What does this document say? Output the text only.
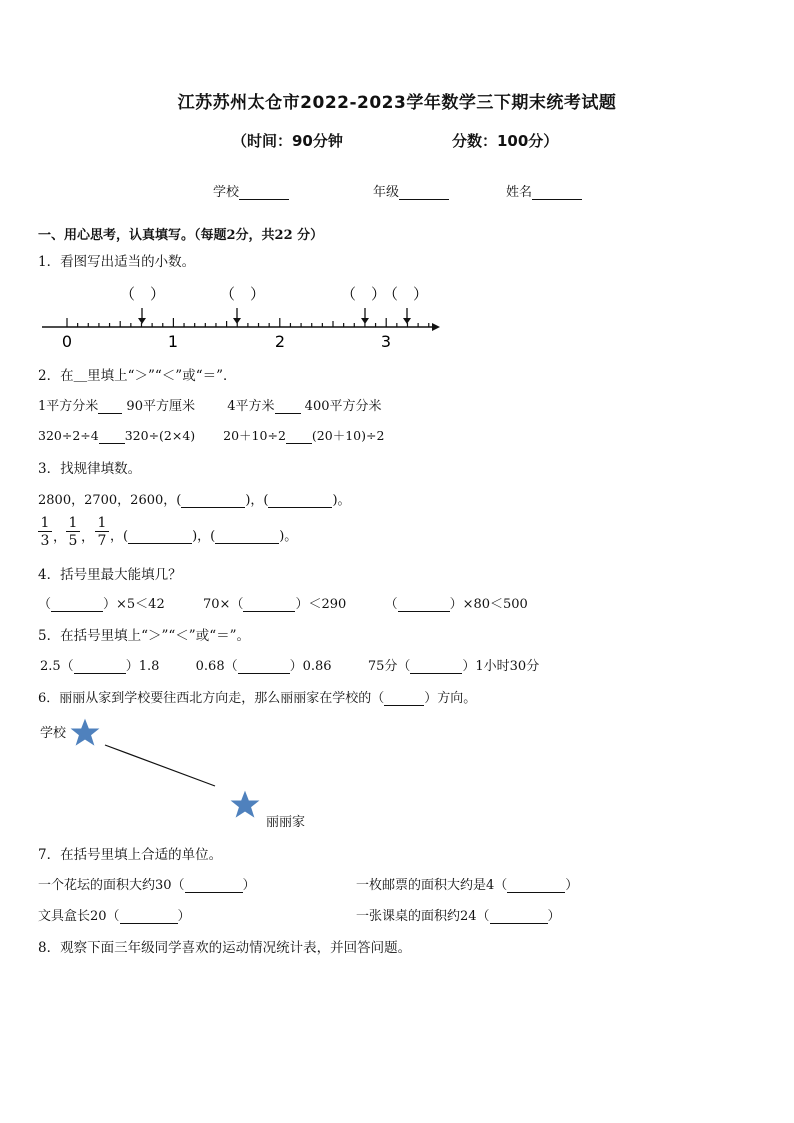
江苏苏州太仓市2022-2023学年数学三下期末统考试题
（时间：90分钟	分数：100分）
学校	年级	姓名
一、用心思考，认真填写。（每题2分，共22 分）
1．看图写出适当的小数。
（　）	（　）	（　）
（　）
0	1	2	3
2．在＿里填上“＞”“＜”或“＝”．
1平方分米 90平方厘米 4平方米 400平方分米
320÷2÷4 320÷(2×4) 20＋10÷2 (20＋10)÷2
3．找规律填数。
2800，2700，2600，(	)，(	)。
$\frac{1}{3}$ ， $\frac{1}{5}$ ， $\frac{1}{7}$ ，(	)，(	)。
4．括号里最大能填几？
（	）×5＜42	70×（	）＜290	（	）×80＜500
5．在括号里填上“＞”“＜”或“＝”。
2.5（	）1.8	0.68（	）0.86	75分（	）1小时30分
6．丽丽从家到学校要往西北方向走，那么丽丽家在学校的（	）方向。
学校
丽丽家
7．在括号里填上合适的单位。
一个花坛的面积大约30（	）	一枚邮票的面积大约是4（	）
文具盒长20（	）	一张课桌的面积约24（	）
8．观察下面三年级同学喜欢的运动情况统计表，并回答问题。
